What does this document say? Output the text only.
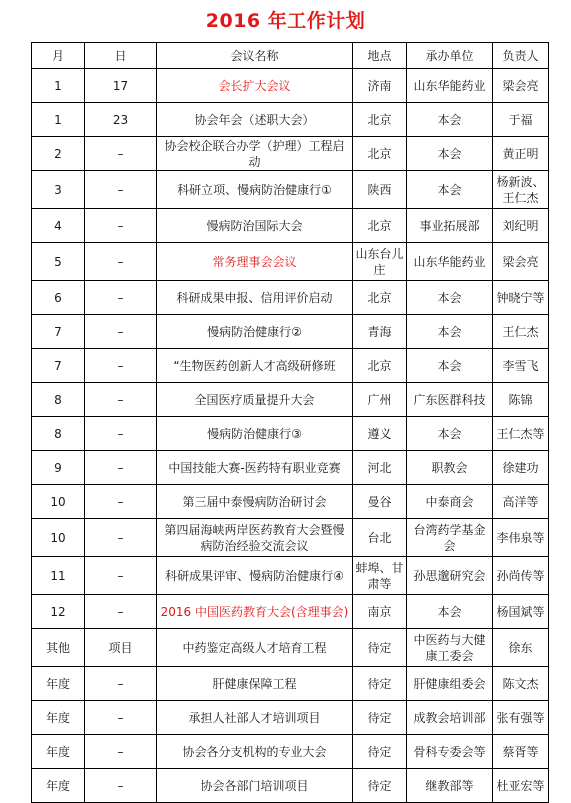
2016 年工作计划
月	日	会议名称	地点	承办单位	负责人
1	17	会长扩大会议	济南	山东华能药业	梁会亮
1	23	协会年会（述职大会）	北京	本会	于福
2	–	协会校企联合办学（护理）工程启动	北京	本会	黄正明
3	–	科研立项、慢病防治健康行①	陕西	本会	杨新波、王仁杰
4	–	慢病防治国际大会	北京	事业拓展部	刘纪明
5	–	常务理事会会议	山东台儿庄	山东华能药业	梁会亮
6	–	科研成果申报、信用评价启动	北京	本会	钟晓宁等
7	–	慢病防治健康行②	青海	本会	王仁杰
7	–	“生物医药创新人才高级研修班	北京	本会	李雪飞
8	–	全国医疗质量提升大会	广州	广东医群科技	陈锦
8	–	慢病防治健康行③	遵义	本会	王仁杰等
9	–	中国技能大赛-医药特有职业竞赛	河北	职教会	徐建功
10	–	第三届中泰慢病防治研讨会	曼谷	中泰商会	高洋等
10	–	第四届海峡两岸医药教育大会暨慢病防治经验交流会议	台北	台湾药学基金会	李伟泉等
11	–	科研成果评审、慢病防治健康行④	蚌埠、甘肃等	孙思邈研究会	孙尚传等
12	–	2016 中国医药教育大会(含理事会)	南京	本会	杨国斌等
其他	项目	中药鉴定高级人才培育工程	待定	中医药与大健康工委会	徐东
年度	–	肝健康保障工程	待定	肝健康组委会	陈文杰
年度	–	承担人社部人才培训项目	待定	成教会培训部	张有强等
年度	–	协会各分支机构的专业大会	待定	骨科专委会等	蔡胥等
年度	–	协会各部门培训项目	待定	继教部等	杜亚宏等
